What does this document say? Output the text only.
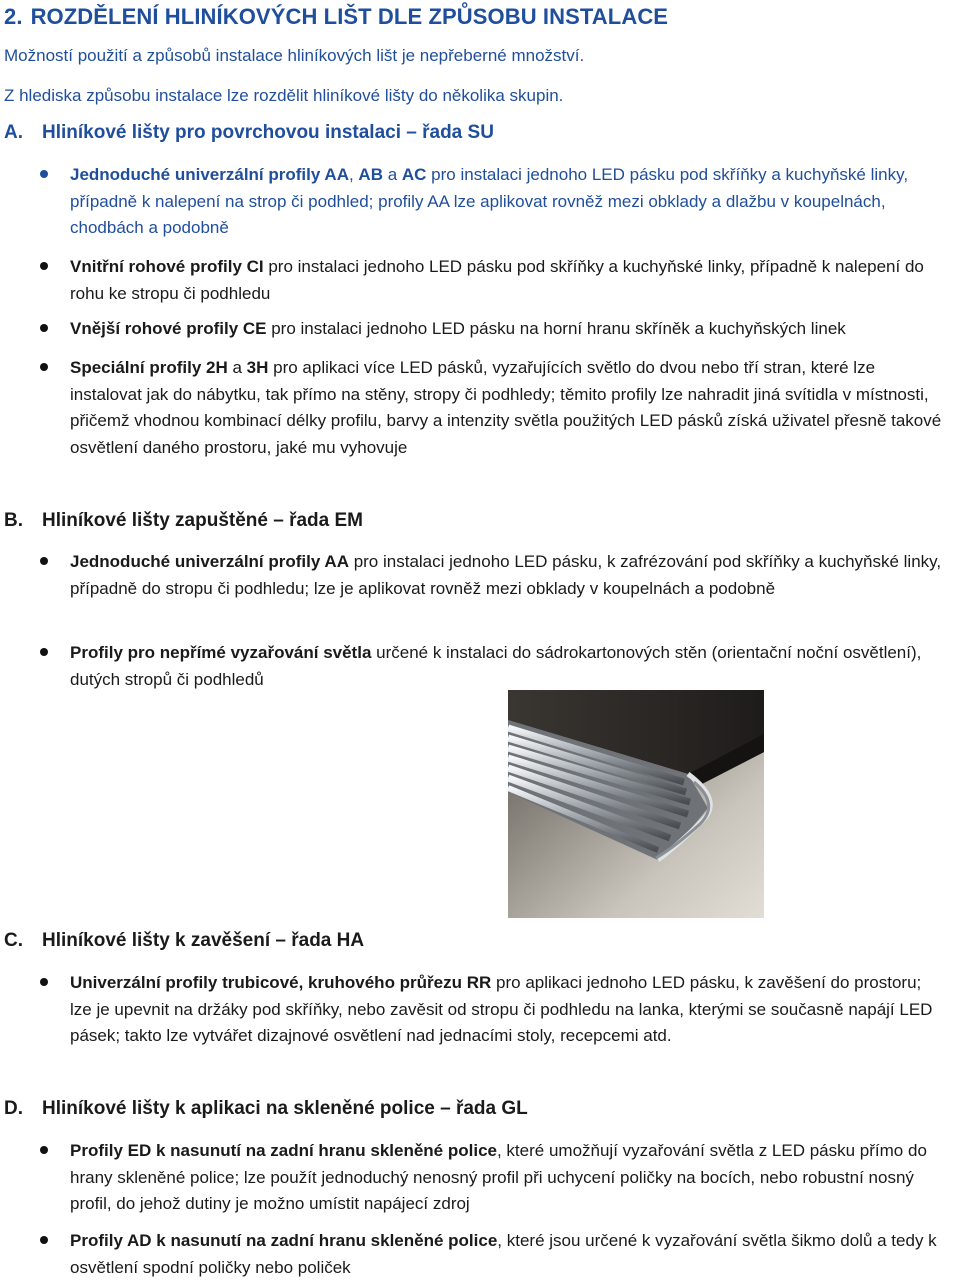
2. ROZDĚLENÍ HLINÍKOVÝCH LIŠT DLE ZPŮSOBU INSTALACE
Možností použití a způsobů instalace hliníkových lišt je nepřeberné množství.
Z hlediska způsobu instalace lze rozdělit hliníkové lišty do několika skupin.
A. Hliníkové lišty pro povrchovou instalaci – řada SU
Jednoduché univerzální profily AA, AB a AC pro instalaci jednoho LED pásku pod skříňky a kuchyňské linky, případně k nalepení na strop či podhled; profily AA lze aplikovat rovněž mezi obklady a dlažbu v koupelnách, chodbách a podobně
Vnitřní rohové profily CI pro instalaci jednoho LED pásku pod skříňky a kuchyňské linky, případně k nalepení do rohu ke stropu či podhledu
Vnější rohové profily CE pro instalaci jednoho LED pásku na horní hranu skříněk a kuchyňských linek
Speciální profily 2H a 3H pro aplikaci více LED pásků, vyzařujících světlo do dvou nebo tří stran, které lze instalovat jak do nábytku, tak přímo na stěny, stropy či podhledy; těmito profily lze nahradit jiná svítidla v místnosti, přičemž vhodnou kombinací délky profilu, barvy a intenzity světla použitých LED pásků získá uživatel přesně takové osvětlení daného prostoru, jaké mu vyhovuje
B. Hliníkové lišty zapuštěné – řada EM
Jednoduché univerzální profily AA pro instalaci jednoho LED pásku, k zafrézování pod skříňky a kuchyňské linky, případně do stropu či podhledu; lze je aplikovat rovněž mezi obklady v koupelnách a podobně
Profily pro nepřímé vyzařování světla určené k instalaci do sádrokartonových stěn (orientační noční osvětlení), dutých stropů či podhledů
C. Hliníkové lišty k zavěšení – řada HA
Univerzální profily trubicové, kruhového průřezu RR pro aplikaci jednoho LED pásku, k zavěšení do prostoru; lze je upevnit na držáky pod skříňky, nebo zavěsit od stropu či podhledu na lanka, kterými se současně napájí LED pásek; takto lze vytvářet dizajnové osvětlení nad jednacími stoly, recepcemi atd.
D. Hliníkové lišty k aplikaci na skleněné police – řada GL
Profily ED k nasunutí na zadní hranu skleněné police, které umožňují vyzařování světla z LED pásku přímo do hrany skleněné police; lze použít jednoduchý nenosný profil při uchycení poličky na bocích, nebo robustní nosný profil, do jehož dutiny je možno umístit napájecí zdroj
Profily AD k nasunutí na zadní hranu skleněné police, které jsou určené k vyzařování světla šikmo dolů a tedy k osvětlení spodní poličky nebo poliček
